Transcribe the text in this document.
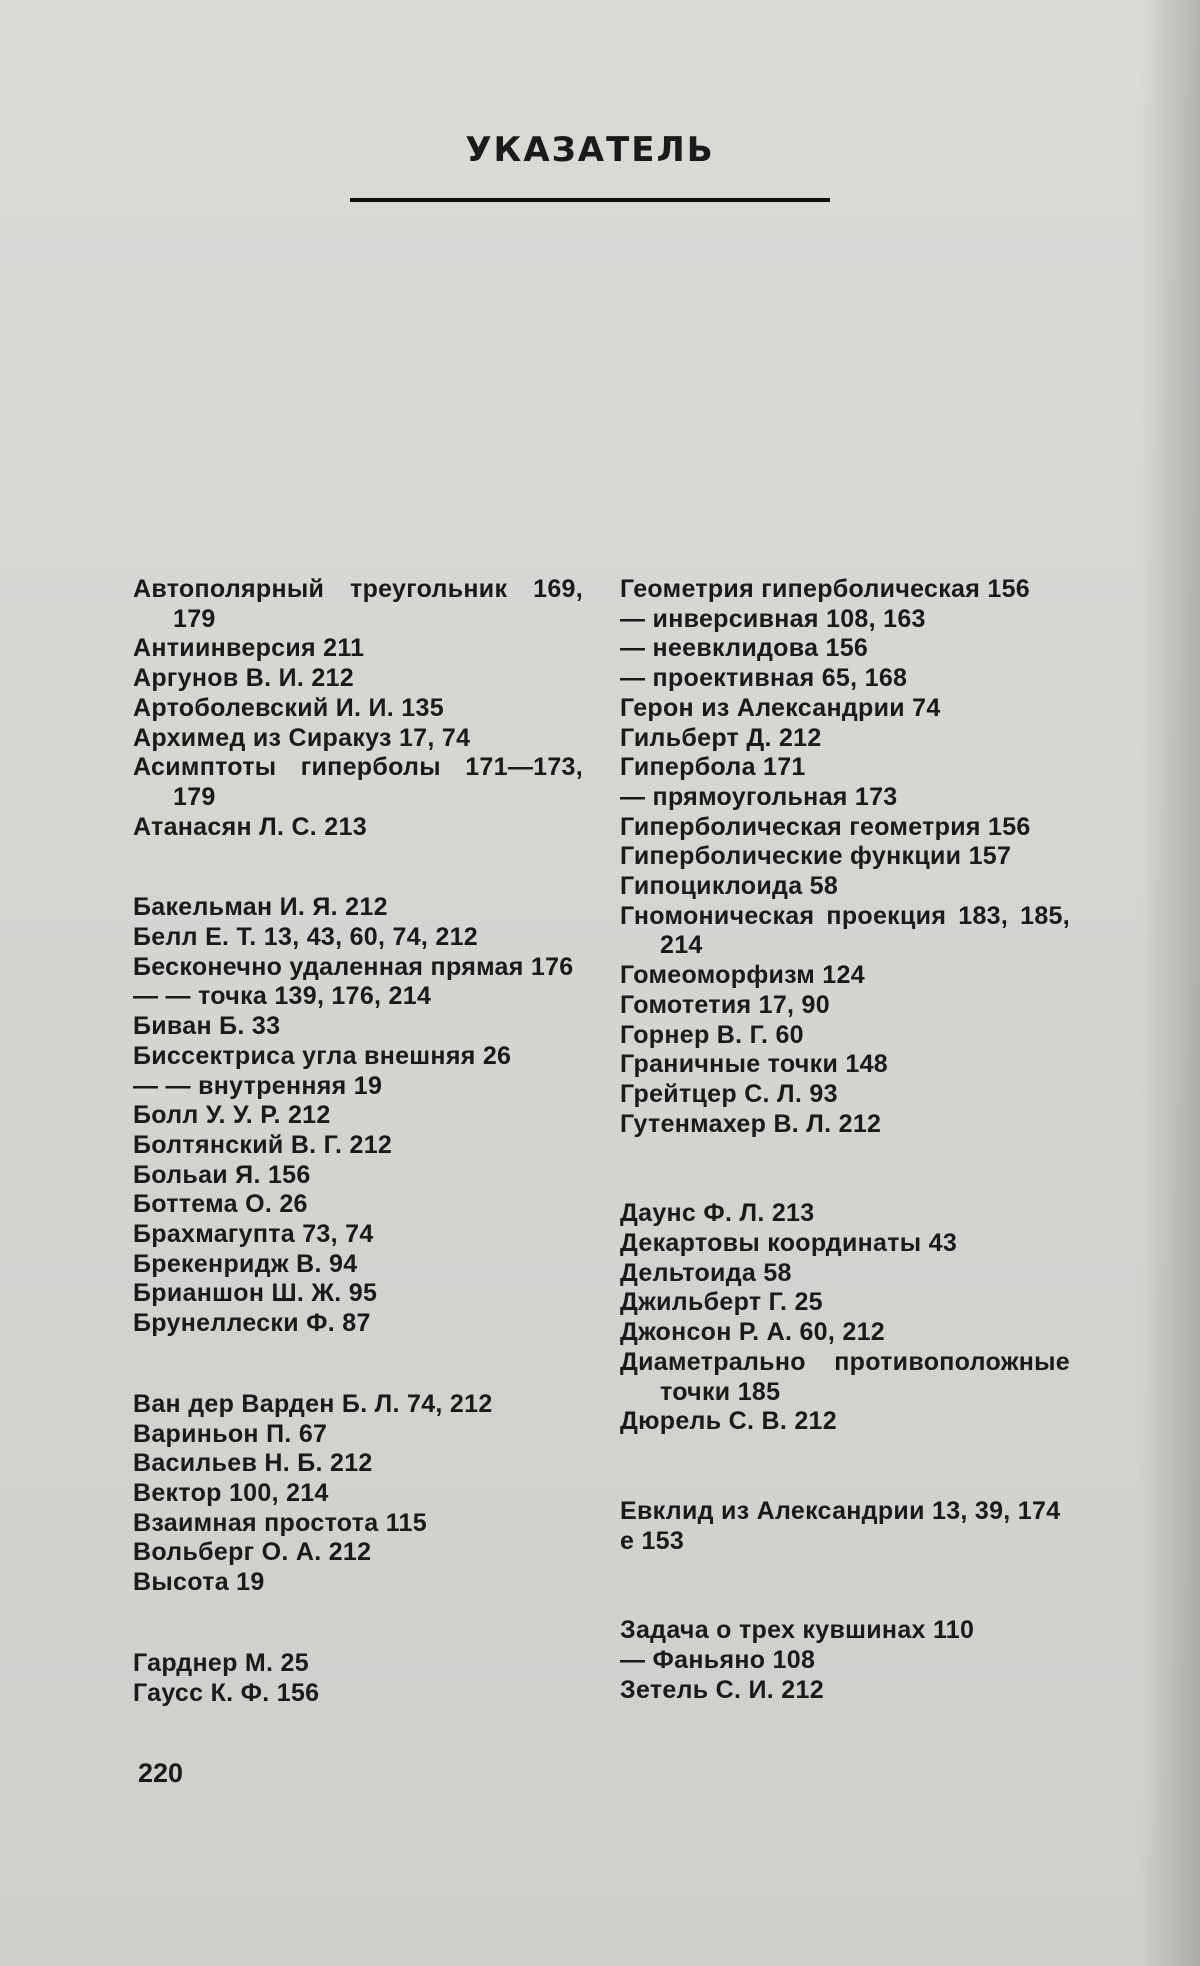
УКАЗАТЕЛЬ
Автополярный треугольник 169, 179
Антиинверсия 211
Аргунов В. И. 212
Артоболевский И. И. 135
Архимед из Сиракуз 17, 74
Асимптоты гиперболы 171—173, 179
Атанасян Л. С. 213
Бакельман И. Я. 212
Белл Е. Т. 13, 43, 60, 74, 212
Бесконечно удаленная прямая 176
— — точка 139, 176, 214
Биван Б. 33
Биссектриса угла внешняя 26
— — внутренняя 19
Болл У. У. Р. 212
Болтянский В. Г. 212
Больаи Я. 156
Боттема О. 26
Брахмагупта 73, 74
Брекенридж В. 94
Брианшон Ш. Ж. 95
Брунеллески Ф. 87
Ван дер Варден Б. Л. 74, 212
Вариньон П. 67
Васильев Н. Б. 212
Вектор 100, 214
Взаимная простота 115
Вольберг О. А. 212
Высота 19
Гарднер М. 25
Гаусс К. Ф. 156
Геометрия гиперболическая 156
— инверсивная 108, 163
— неевклидова 156
— проективная 65, 168
Герон из Александрии 74
Гильберт Д. 212
Гипербола 171
— прямоугольная 173
Гиперболическая геометрия 156
Гиперболические функции 157
Гипоциклоида 58
Гномоническая проекция 183, 185, 214
Гомеоморфизм 124
Гомотетия 17, 90
Горнер В. Г. 60
Граничные точки 148
Грейтцер С. Л. 93
Гутенмахер В. Л. 212
Даунс Ф. Л. 213
Декартовы координаты 43
Дельтоида 58
Джильберт Г. 25
Джонсон Р. А. 60, 212
Диаметрально противоположные точки 185
Дюрель С. В. 212
Евклид из Александрии 13, 39, 174
e 153
Задача о трех кувшинах 110
— Фаньяно 108
Зетель С. И. 212
220
